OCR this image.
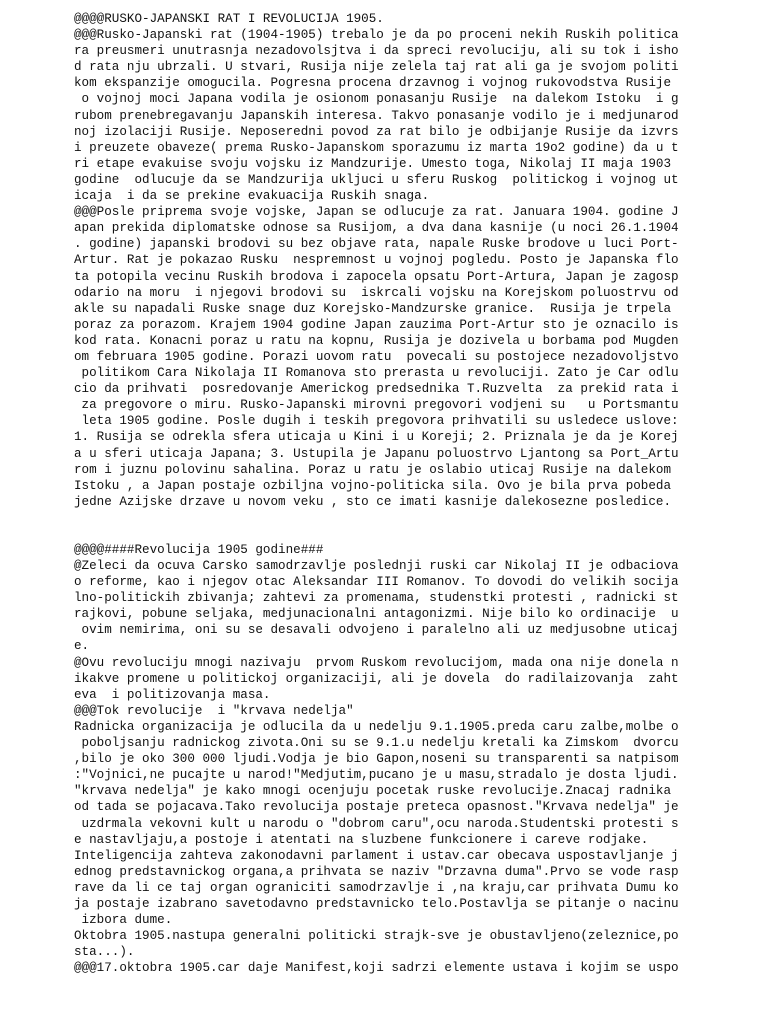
@@@@RUSKO-JAPANSKI RAT I REVOLUCIJA 1905.
@@@Rusko-Japanski rat (1904-1905) trebalo je da po proceni nekih Ruskih politica
ra preusmeri unutrasnja nezadovolsjtva i da spreci revoluciju, ali su tok i isho
d rata nju ubrzali. U stvari, Rusija nije zelela taj rat ali ga je svojom politi
kom ekspanzije omogucila. Pogresna procena drzavnog i vojnog rukovodstva Rusije
o vojnoj moci Japana vodila je osionom ponasanju Rusije  na dalekom Istoku  i g
rubom prenebregavanju Japanskih interesa. Takvo ponasanje vodilo je i medjunarod
noj izolaciji Rusije. Neposeredni povod za rat bilo je odbijanje Rusije da izvrs
i preuzete obaveze( prema Rusko-Japanskom sporazumu iz marta 19o2 godine) da u t
ri etape evakuise svoju vojsku iz Mandzurije. Umesto toga, Nikolaj II maja 1903
godine  odlucuje da se Mandzurija ukljuci u sferu Ruskog  politickog i vojnog ut
icaja  i da se prekine evakuacija Ruskih snaga.
@@@Posle priprema svoje vojske, Japan se odlucuje za rat. Januara 1904. godine J
apan prekida diplomatske odnose sa Rusijom, a dva dana kasnije (u noci 26.1.1904
. godine) japanski brodovi su bez objave rata, napale Ruske brodove u luci Port-
Artur. Rat je pokazao Rusku  nespremnost u vojnoj pogledu. Posto je Japanska flo
ta potopila vecinu Ruskih brodova i zapocela opsatu Port-Artura, Japan je zagosp
odario na moru  i njegovi brodovi su  iskrcali vojsku na Korejskom poluostrvu od
akle su napadali Ruske snage duz Korejsko-Mandzurske granice.  Rusija je trpela
poraz za porazom. Krajem 1904 godine Japan zauzima Port-Artur sto je oznacilo is
kod rata. Konacni poraz u ratu na kopnu, Rusija je dozivela u borbama pod Mugden
om februara 1905 godine. Porazi uovom ratu  povecali su postojece nezadovoljstvo
politikom Cara Nikolaja II Romanova sto prerasta u revoluciji. Zato je Car odlu
cio da prihvati  posredovanje Americkog predsednika T.Ruzvelta  za prekid rata i
za pregovore o miru. Rusko-Japanski mirovni pregovori vodjeni su   u Portsmantu
leta 1905 godine. Posle dugih i teskih pregovora prihvatili su usledece uslove:
1. Rusija se odrekla sfera uticaja u Kini i u Koreji; 2. Priznala je da je Korej
a u sferi uticaja Japana; 3. Ustupila je Japanu poluostrvo Ljantong sa Port_Artu
rom i juznu polovinu sahalina. Poraz u ratu je oslabio uticaj Rusije na dalekom
Istoku , a Japan postaje ozbiljna vojno-politicka sila. Ovo je bila prva pobeda
jedne Azijske drzave u novom veku , sto ce imati kasnije dalekosezne posledice.
@@@@####Revolucija 1905 godine###
@Zeleci da ocuva Carsko samodrzavlje poslednji ruski car Nikolaj II je odbaciova
o reforme, kao i njegov otac Aleksandar III Romanov. To dovodi do velikih socija
lno-politickih zbivanja; zahtevi za promenama, studenstki protesti , radnicki st
rajkovi, pobune seljaka, medjunacionalni antagonizmi. Nije bilo ko ordinacije  u
ovim nemirima, oni su se desavali odvojeno i paralelno ali uz medjusobne uticaj
e.
@Ovu revoluciju mnogi nazivaju  prvom Ruskom revolucijom, mada ona nije donela n
ikakve promene u politickoj organizaciji, ali je dovela  do radilaizovanja  zaht
eva  i politizovanja masa.
@@@Tok revolucije  i "krvava nedelja"
Radnicka organizacija je odlucila da u nedelju 9.1.1905.preda caru zalbe,molbe o
poboljsanju radnickog zivota.Oni su se 9.1.u nedelju kretali ka Zimskom  dvorcu
,bilo je oko 300 000 ljudi.Vodja je bio Gapon,noseni su transparenti sa natpisom
:"Vojnici,ne pucajte u narod!"Medjutim,pucano je u masu,stradalo je dosta ljudi.
"krvava nedelja" je kako mnogi ocenjuju pocetak ruske revolucije.Znacaj radnika
od tada se pojacava.Tako revolucija postaje preteca opasnost."Krvava nedelja" je
uzdrmala vekovni kult u narodu o "dobrom caru",ocu naroda.Studentski protesti s
e nastavljaju,a postoje i atentati na sluzbene funkcionere i careve rodjake.
Inteligencija zahteva zakonodavni parlament i ustav.car obecava uspostavljanje j
ednog predstavnickog organa,a prihvata se naziv "Drzavna duma".Prvo se vode rasp
rave da li ce taj organ ograniciti samodrzavlje i ,na kraju,car prihvata Dumu ko
ja postaje izabrano savetodavno predstavnicko telo.Postavlja se pitanje o nacinu
izbora dume.
Oktobra 1905.nastupa generalni politicki strajk-sve je obustavljeno(zeleznice,po
sta...).
@@@17.oktobra 1905.car daje Manifest,koji sadrzi elemente ustava i kojim se uspo
